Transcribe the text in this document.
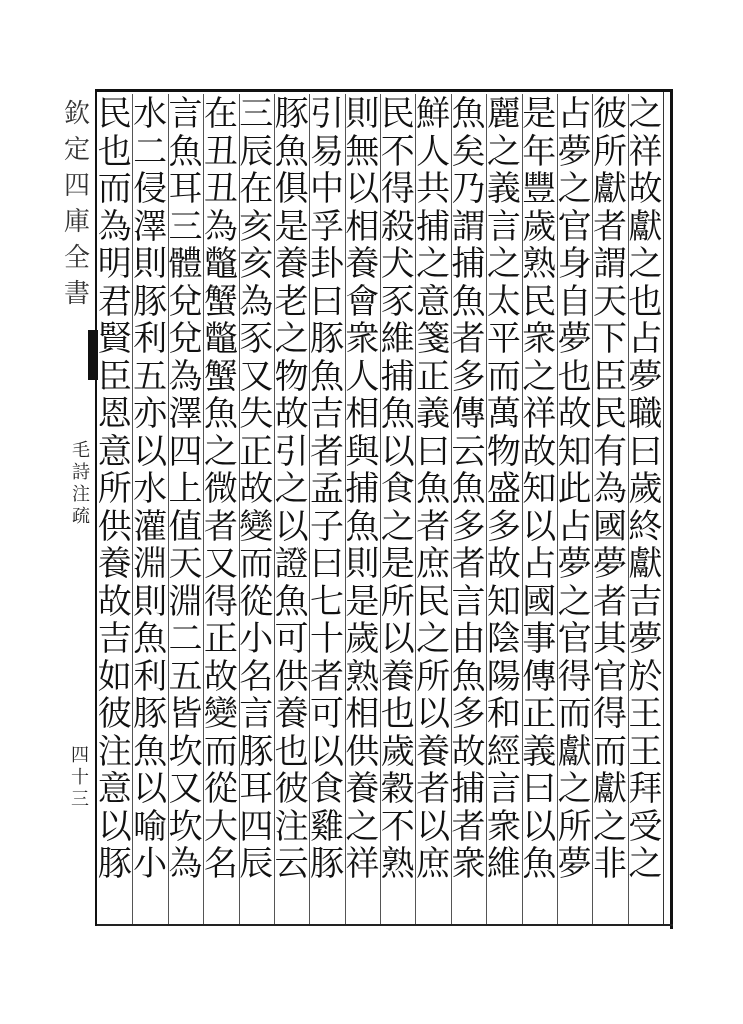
欽定四庫全書
毛詩注疏
四十三
之祥故獻之也占夢職曰歲終獻吉夢於王王拜受之
彼所獻者謂天下臣民有為國夢者其官得而獻之非
占夢之官身自夢也故知此占夢之官得而獻之所夢
是年豐歲熟民衆之祥故知以占國事傳正義曰以魚
麗之義言之太平而萬物盛多故知陰陽和經言衆維
魚矣乃謂捕魚者多傳云魚多者言由魚多故捕者衆
鮮人共捕之意箋正義曰魚者庶民之所以養者以庶
民不得殺犬豕維捕魚以食之是所以養也歲穀不熟
則無以相養會衆人相與捕魚則是歲熟相供養之祥
引易中孚卦曰豚魚吉者孟子曰七十者可以食雞豚
豚魚俱是養老之物故引之以證魚可供養也彼注云
三辰在亥亥為豕又失正故變而從小名言豚耳四辰
在丑丑為鼈蟹鼈蟹魚之微者又得正故變而從大名
言魚耳三體兌兌為澤四上值天淵二五皆坎又坎為
水二侵澤則豚利五亦以水灌淵則魚利豚魚以喻小
民也而為明君賢臣恩意所供養故吉如彼注意以豚
